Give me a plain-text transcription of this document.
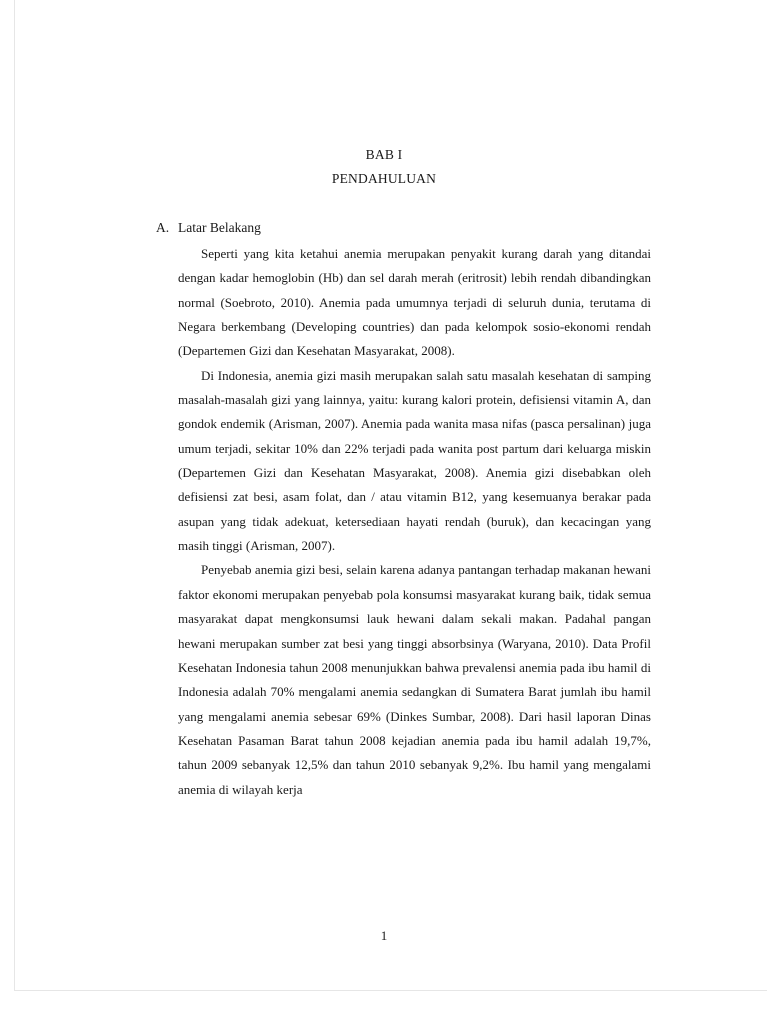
BAB I
PENDAHULUAN
A. Latar Belakang

Seperti yang kita ketahui anemia merupakan penyakit kurang darah yang ditandai dengan kadar hemoglobin (Hb) dan sel darah merah (eritrosit) lebih rendah dibandingkan normal (Soebroto, 2010). Anemia pada umumnya terjadi di seluruh dunia, terutama di Negara berkembang (Developing countries) dan pada kelompok sosio-ekonomi rendah (Departemen Gizi dan Kesehatan Masyarakat, 2008).

Di Indonesia, anemia gizi masih merupakan salah satu masalah kesehatan di samping masalah-masalah gizi yang lainnya, yaitu: kurang kalori protein, defisiensi vitamin A, dan gondok endemik (Arisman, 2007). Anemia pada wanita masa nifas (pasca persalinan) juga umum terjadi, sekitar 10% dan 22% terjadi pada wanita post partum dari keluarga miskin (Departemen Gizi dan Kesehatan Masyarakat, 2008). Anemia gizi disebabkan oleh defisiensi zat besi, asam folat, dan / atau vitamin B12, yang kesemuanya berakar pada asupan yang tidak adekuat, ketersediaan hayati rendah (buruk), dan kecacingan yang masih tinggi (Arisman, 2007).

Penyebab anemia gizi besi, selain karena adanya pantangan terhadap makanan hewani faktor ekonomi merupakan penyebab pola konsumsi masyarakat kurang baik, tidak semua masyarakat dapat mengkonsumsi lauk hewani dalam sekali makan. Padahal pangan hewani merupakan sumber zat besi yang tinggi absorbsinya (Waryana, 2010). Data Profil Kesehatan Indonesia tahun 2008 menunjukkan bahwa prevalensi anemia pada ibu hamil di Indonesia adalah 70% mengalami anemia sedangkan di Sumatera Barat jumlah ibu hamil yang mengalami anemia sebesar 69% (Dinkes Sumbar, 2008). Dari hasil laporan Dinas Kesehatan Pasaman Barat tahun 2008 kejadian anemia pada ibu hamil adalah 19,7%, tahun 2009 sebanyak 12,5% dan tahun 2010 sebanyak 9,2%. Ibu hamil yang mengalami anemia di wilayah kerja

1
